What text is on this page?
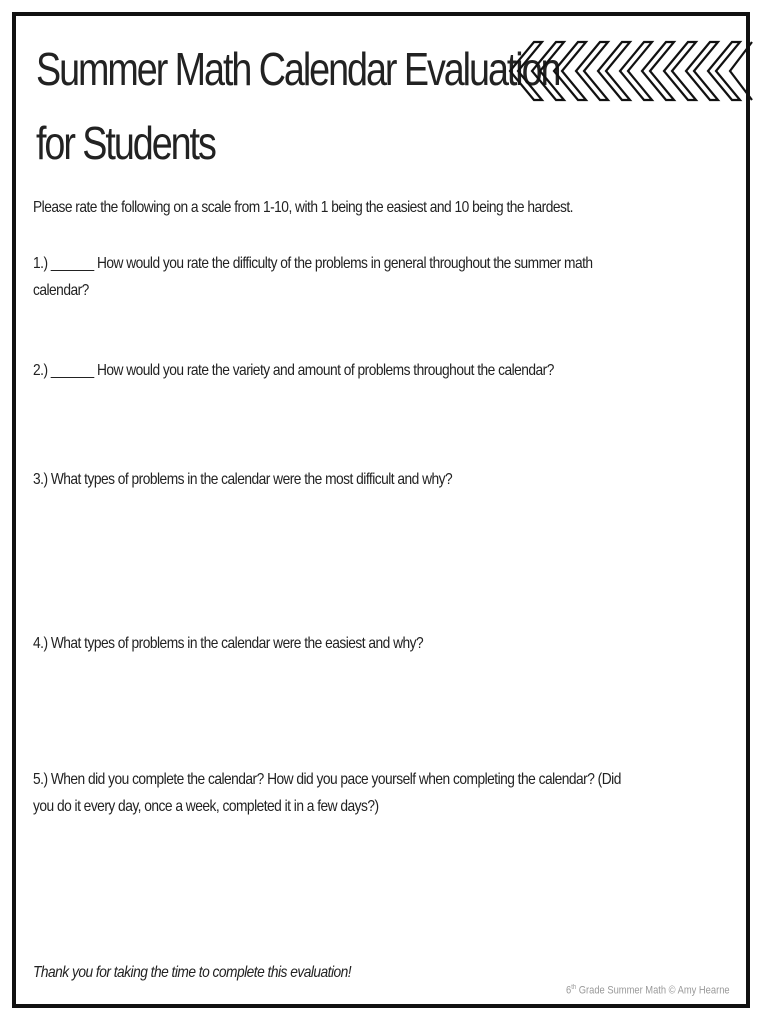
Summer Math Calendar Evaluation
for Students
Please rate the following on a scale from 1-10, with 1 being the easiest and 10 being the hardest.
1.) ______ How would you rate the difficulty of the problems in general throughout the summer math
calendar?
2.) ______ How would you rate the variety and amount of problems throughout the calendar?
3.) What types of problems in the calendar were the most difficult and why?
4.) What types of problems in the calendar were the easiest and why?
5.) When did you complete the calendar? How did you pace yourself when completing the calendar? (Did
you do it every day, once a week, completed it in a few days?)
Thank you for taking the time to complete this evaluation!
6th Grade Summer Math © Amy Hearne
